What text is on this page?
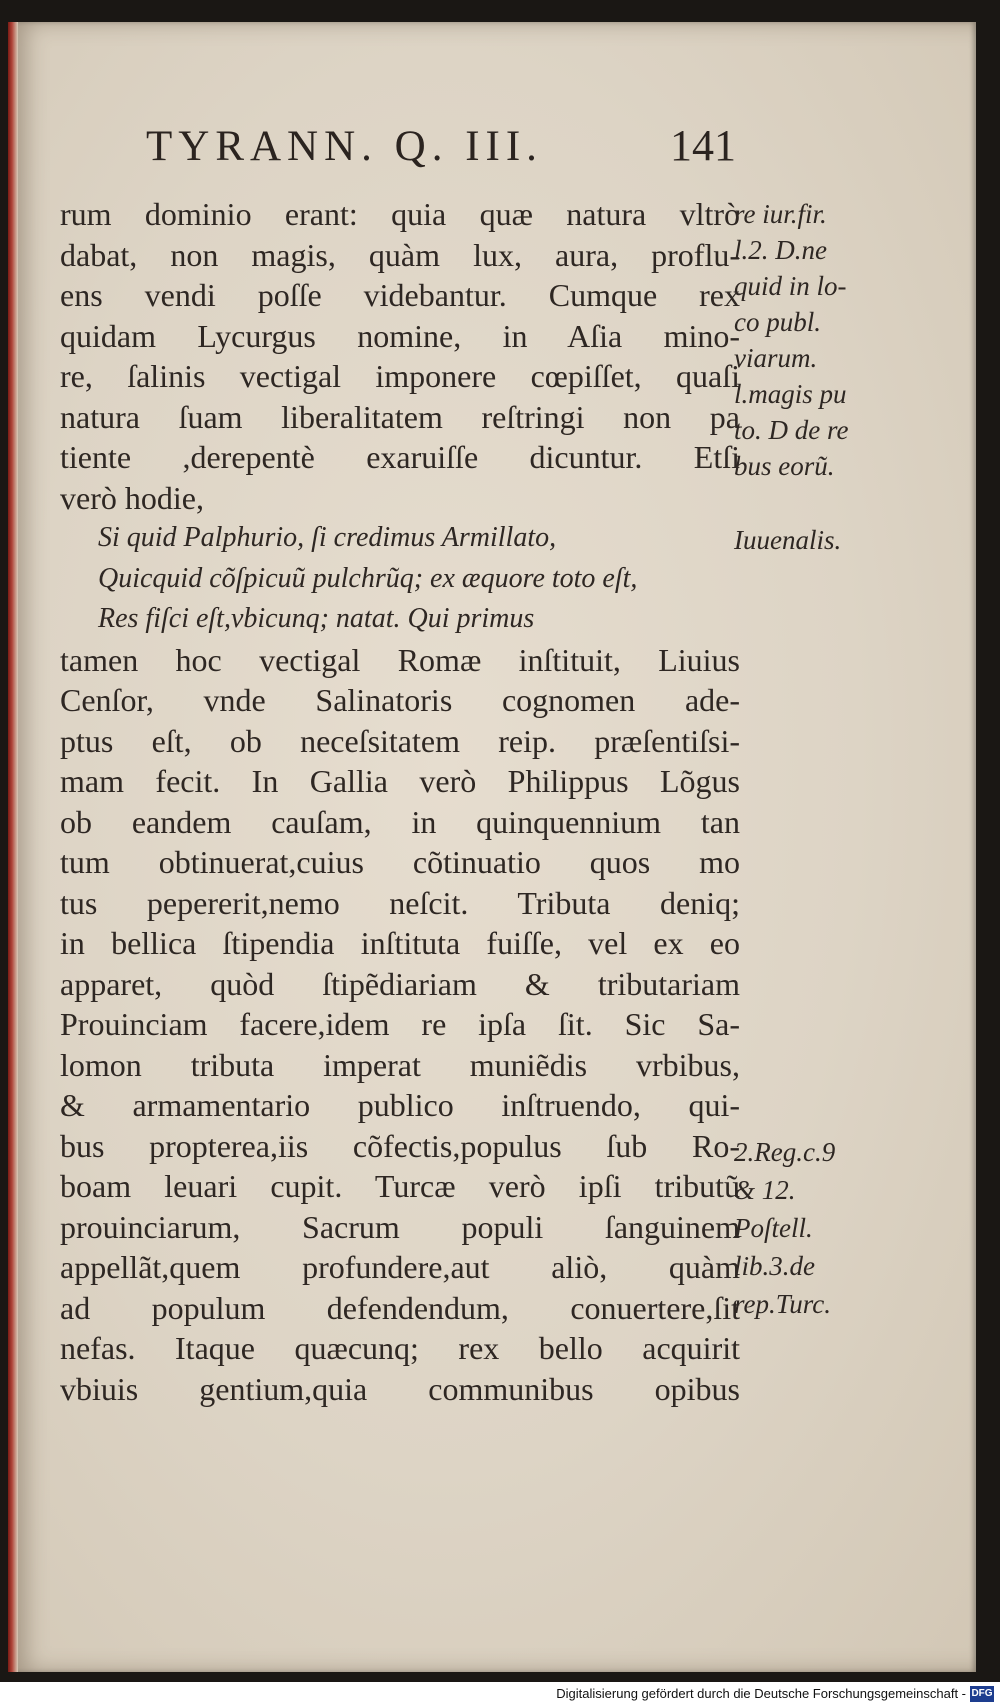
TYRANN. Q. III.	141
rum dominio erant: quia quæ natura vltrò
dabat, non magis, quàm lux, aura, proflu-
ens vendi poſſe videbantur. Cumque rex
quidam Lycurgus nomine, in Aſia mino-
re, ſalinis vectigal imponere cœpiſſet, quaſi
natura ſuam liberalitatem reſtringi non pa
tiente ,derepentè exaruiſſe dicuntur. Etſi
verò hodie,
Si quid Palphurio, ſi credimus Armillato,
Quicquid cõſpicuũ pulchrũq; ex æquore toto eſt,
Res fiſci eſt,vbicunq; natat. Qui primus
tamen hoc vectigal Romæ inſtituit, Liuius
Cenſor, vnde Salinatoris cognomen ade-
ptus eſt, ob neceſsitatem reip. præſentiſsi-
mam fecit. In Gallia verò Philippus Lõgus
ob eandem cauſam, in quinquennium tan
tum obtinuerat,cuius cõtinuatio quos mo
tus pepererit,nemo neſcit. Tributa deniq;
in bellica ſtipendia inſtituta fuiſſe, vel ex eo
apparet, quòd ſtipẽdiariam & tributariam
Prouinciam facere,idem re ipſa ſit. Sic Sa-
lomon tributa imperat muniẽdis vrbibus,
& armamentario publico inſtruendo, qui-
bus propterea,iis cõfectis,populus ſub Ro-
boam leuari cupit. Turcæ verò ipſi tributũ
prouinciarum, Sacrum populi ſanguinem
appellãt,quem profundere,aut aliò, quàm
ad populum defendendum, conuertere,ſit
nefas. Itaque quæcunq; rex bello acquirit
vbiuis gentium,quia communibus opibus
re iur.fir.
l.2. D.ne
quid in lo-
co publ.
viarum.
l.magis pu
to. D de re
bus eorũ.
Iuuenalis.
2.Reg.c.9
& 12.
Poſtell.
lib.3.de
rep.Turc.
Digitalisierung gefördert durch die Deutsche Forschungsgemeinschaft - DFG
